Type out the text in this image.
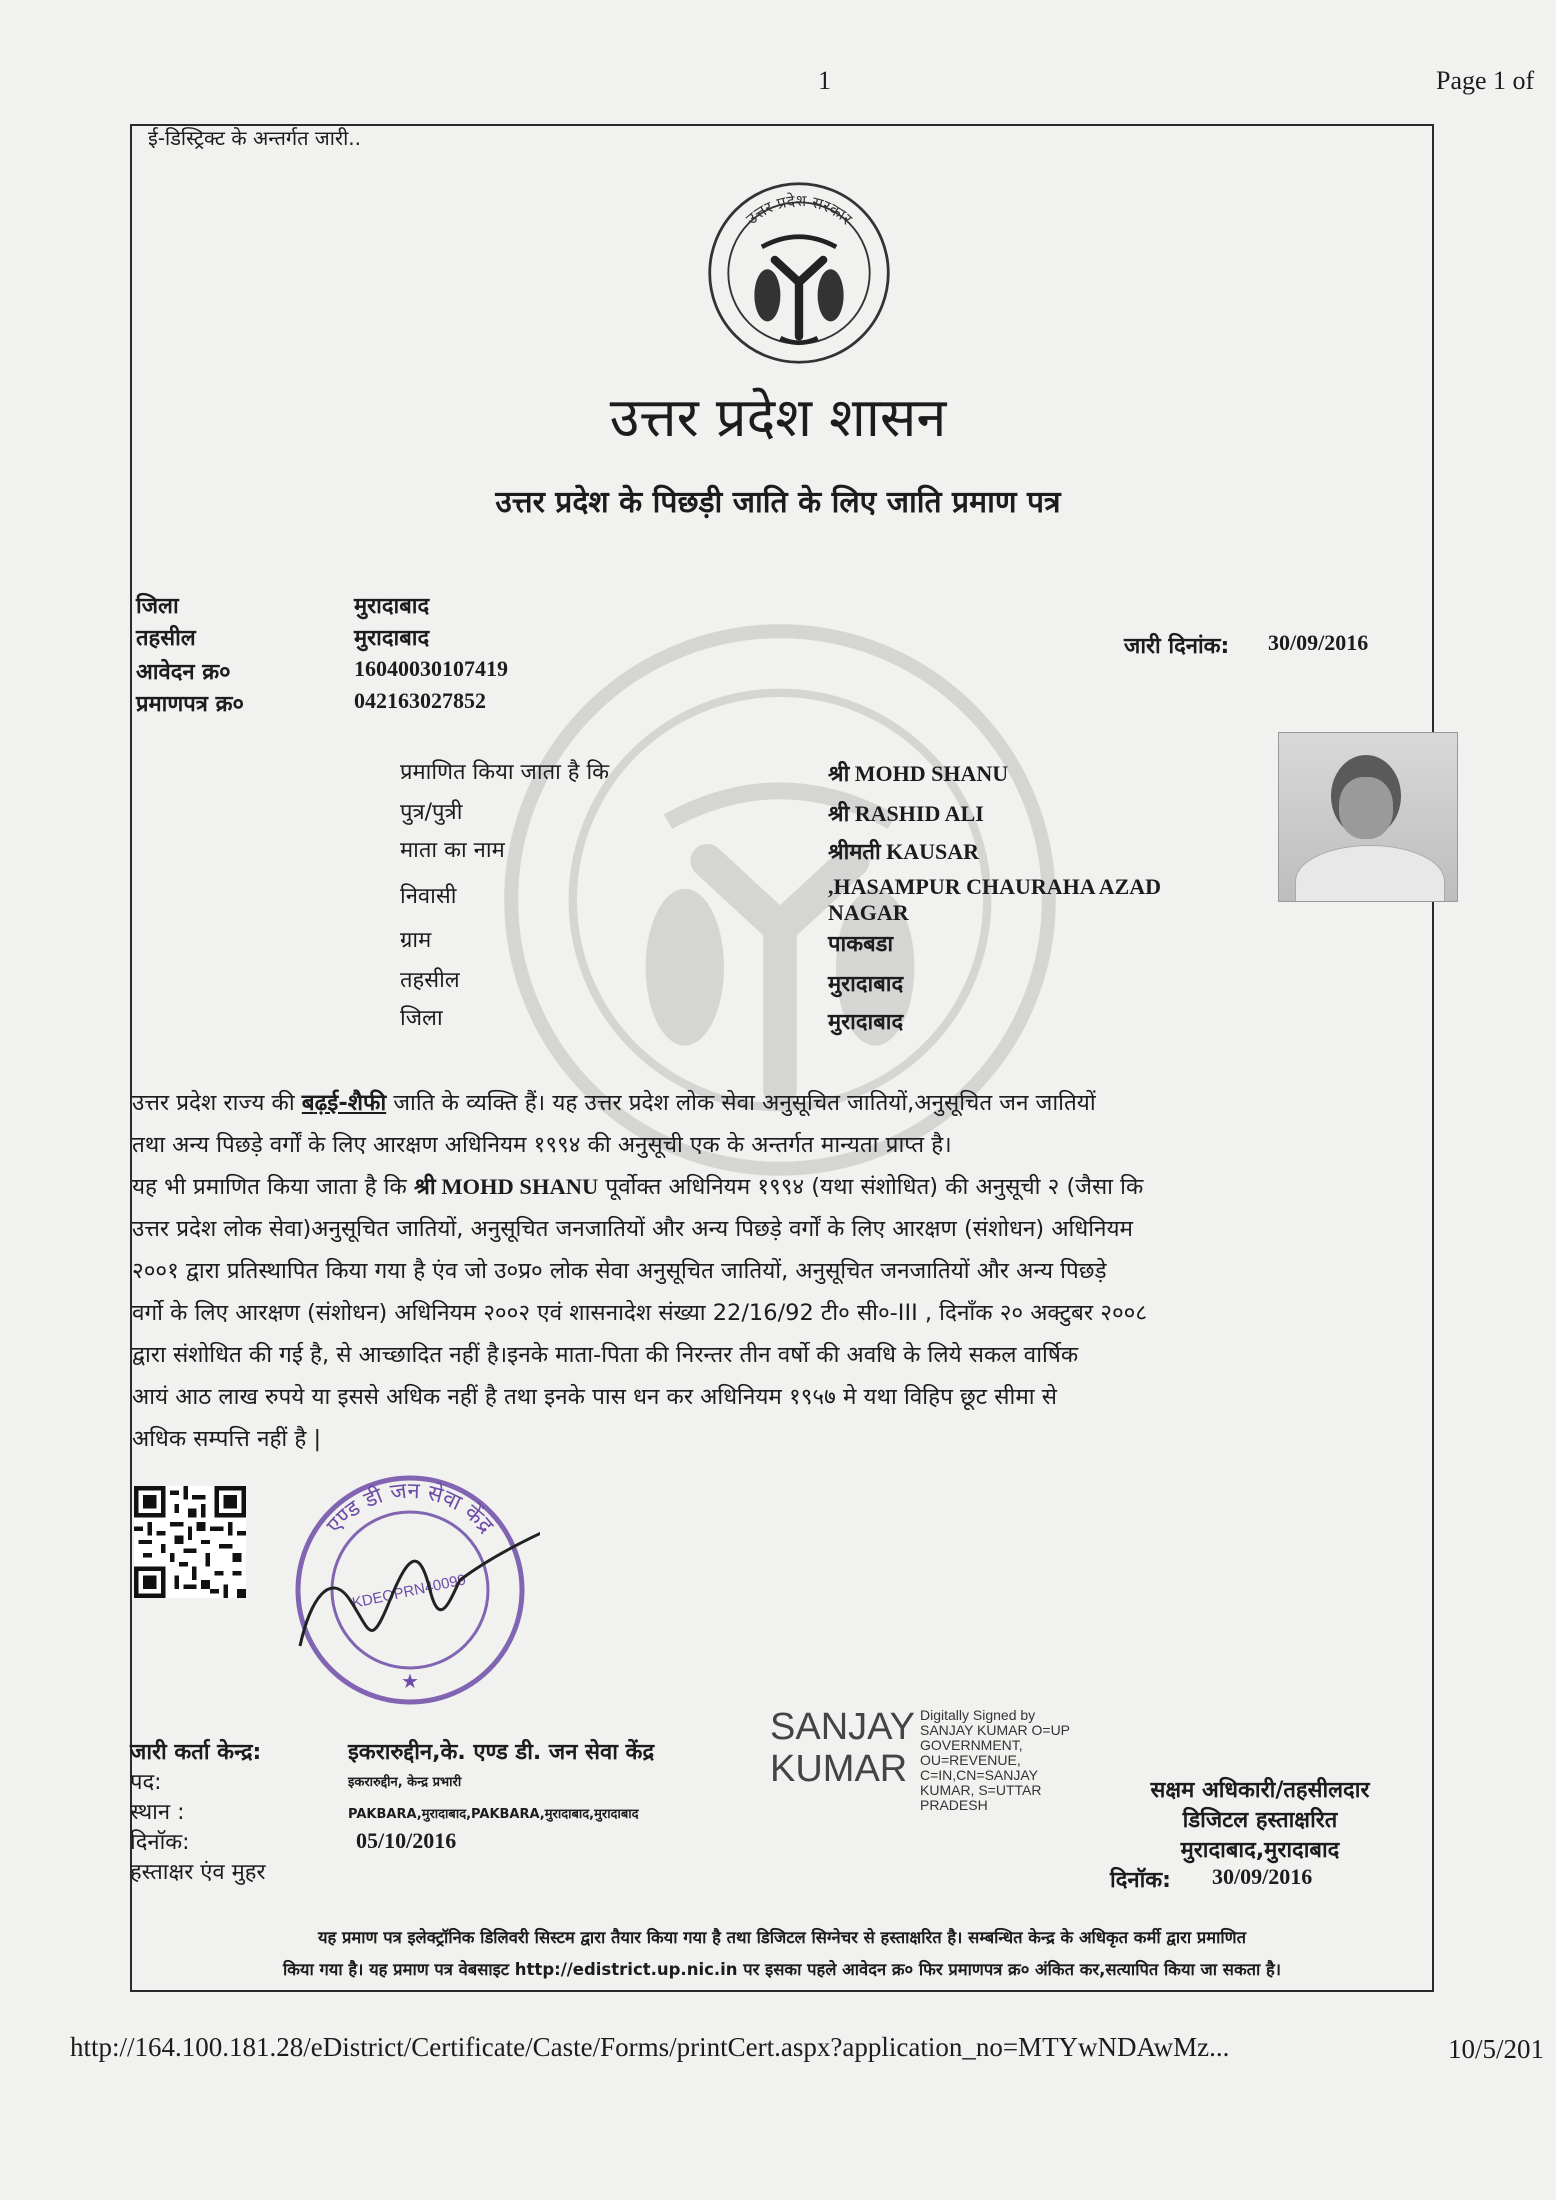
1	Page 1 of
ई-डिस्ट्रिक्ट के अन्तर्गत जारी..
उत्तर प्रदेश सरकार
उत्तर प्रदेश शासन
उत्तर प्रदेश के पिछड़ी जाति के लिए जाति प्रमाण पत्र
जिला	मुरादाबाद
तहसील	मुरादाबाद
आवेदन क्र०	16040030107419
प्रमाणपत्र क्र०	042163027852
जारी दिनांक: 30/09/2016
प्रमाणित किया जाता है कि	श्री MOHD SHANU
पुत्र/पुत्री	श्री RASHID ALI
माता का नाम	श्रीमती KAUSAR
निवासी	,HASAMPUR CHAURAHA AZAD
NAGAR
ग्राम	पाकबडा
तहसील	मुरादाबाद
जिला	मुरादाबाद
उत्तर प्रदेश राज्य की बढ़ई-शैफी जाति के व्यक्ति हैं। यह उत्तर प्रदेश लोक सेवा अनुसूचित जातियों,अनुसूचित जन जातियों
तथा अन्य पिछड़े वर्गों के लिए आरक्षण अधिनियम १९९४ की अनुसूची एक के अन्तर्गत मान्यता प्राप्त है।
यह भी प्रमाणित किया जाता है कि श्री MOHD SHANU पूर्वोक्त अधिनियम १९९४ (यथा संशोधित) की अनुसूची २ (जैसा कि
उत्तर प्रदेश लोक सेवा)अनुसूचित जातियों, अनुसूचित जनजातियों और अन्य पिछड़े वर्गों के लिए आरक्षण (संशोधन) अधिनियम
२००१ द्वारा प्रतिस्थापित किया गया है एंव जो उ०प्र० लोक सेवा अनुसूचित जातियों, अनुसूचित जनजातियों और अन्य पिछड़े
वर्गो के लिए आरक्षण (संशोधन) अधिनियम २००२ एवं शासनादेश संख्या 22/16/92 टी० सी०-III , दिनाँक २० अक्टुबर २००८
द्वारा संशोधित की गई है, से आच्छादित नहीं है।इनके माता-पिता की निरन्तर तीन वर्षो की अवधि के लिये सकल वार्षिक
आयं आठ लाख रुपये या इससे अधिक नहीं है तथा इनके पास धन कर अधिनियम १९५७ मे यथा विहिप छूट सीमा से
अधिक सम्पत्ति नहीं है |
एण्ड डी जन सेवा केंद्र
KDEOPRN40099
★
जारी कर्ता केन्द्र:	इकरारुद्दीन,के. एण्ड डी. जन सेवा केंद्र
पद:	इकरारुद्दीन, केन्द्र प्रभारी
स्थान :	PAKBARA,मुरादाबाद,PAKBARA,मुरादाबाद,मुरादाबाद
दिनॉक:	05/10/2016
हस्ताक्षर एंव मुहर
SANJAY
KUMAR
Digitally Signed by
SANJAY KUMAR O=UP
GOVERNMENT,
OU=REVENUE,
C=IN,CN=SANJAY
KUMAR, S=UTTAR
PRADESH
सक्षम अधिकारी/तहसीलदार
डिजिटल हस्ताक्षरित
मुरादाबाद,मुरादाबाद
दिनॉक: 30/09/2016
यह प्रमाण पत्र इलेक्ट्रॉनिक डिलिवरी सिस्टम द्वारा तैयार किया गया है तथा डिजिटल सिग्नेचर से हस्ताक्षरित है। सम्बन्धित केन्द्र के अधिकृत कर्मी द्वारा प्रमाणित
किया गया है। यह प्रमाण पत्र वेबसाइट http://edistrict.up.nic.in पर इसका पहले आवेदन क्र० फिर प्रमाणपत्र क्र० अंकित कर,सत्यापित किया जा सकता है।
http://164.100.181.28/eDistrict/Certificate/Caste/Forms/printCert.aspx?application_no=MTYwNDAwMz...	10/5/201
